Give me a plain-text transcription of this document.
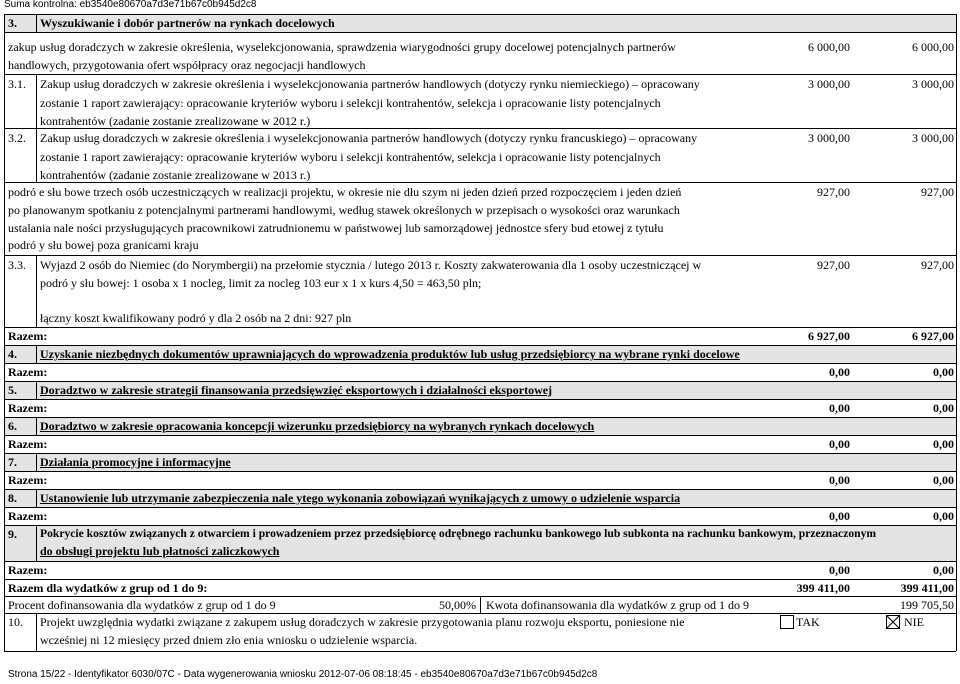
Suma kontrolna: eb3540e80670a7d3e71b67c0b945d2c8
3. Wyszukiwanie i dobór partnerów na rynkach docelowych
zakup usług doradczych w zakresie określenia, wyselekcjonowania, sprawdzenia wiarygodności grupy docelowej potencjalnych partnerów
handlowych, przygotowania ofert współpracy oraz negocjacji handlowych
6 000,00	6 000,00
3.1. Zakup usług doradczych w zakresie określenia i wyselekcjonowania partnerów handlowych (dotyczy rynku niemieckiego) – opracowany
zostanie 1 raport zawierający: opracowanie kryteriów wyboru i selekcji kontrahentów, selekcja i opracowanie listy potencjalnych
kontrahentów (zadanie zostanie zrealizowane w 2012 r.)
3 000,00	3 000,00
3.2. Zakup usług doradczych w zakresie określenia i wyselekcjonowania partnerów handlowych (dotyczy rynku francuskiego) – opracowany
zostanie 1 raport zawierający: opracowanie kryteriów wyboru i selekcji kontrahentów, selekcja i opracowanie listy potencjalnych
kontrahentów (zadanie zostanie zrealizowane w 2013 r.)
3 000,00	3 000,00
podró e słu bowe trzech osób uczestniczących w realizacji projektu, w okresie nie dłu szym ni jeden dzień przed rozpoczęciem i jeden dzień
po planowanym spotkaniu z potencjalnymi partnerami handlowymi, według stawek określonych w przepisach o wysokości oraz warunkach
ustalania nale ności przysługujących pracownikowi zatrudnionemu w państwowej lub samorządowej jednostce sfery bud etowej z tytułu
podró y słu bowej poza granicami kraju
927,00	927,00
3.3. Wyjazd 2 osób do Niemiec (do Norymbergii) na przełomie stycznia / lutego 2013 r. Koszty zakwaterowania dla 1 osoby uczestniczącej w
podró y słu bowej: 1 osoba x 1 nocleg, limit za nocleg 103 eur x 1 x kurs 4,50 = 463,50 pln;
łączny koszt kwalifikowany podró y dla 2 osób na 2 dni: 927 pln
927,00	927,00
Razem:	6 927,00	6 927,00
4. Uzyskanie niezbędnych dokumentów uprawniających do wprowadzenia produktów lub usług przedsiębiorcy na wybrane rynki docelowe
Razem:	0,00	0,00
5. Doradztwo w zakresie strategii finansowania przedsięwzięć eksportowych i działalności eksportowej
Razem:	0,00	0,00
6. Doradztwo w zakresie opracowania koncepcji wizerunku przedsiębiorcy na wybranych rynkach docelowych
Razem:	0,00	0,00
7. Działania promocyjne i informacyjne
Razem:	0,00	0,00
8. Ustanowienie lub utrzymanie zabezpieczenia nale ytego wykonania zobowiązań wynikających z umowy o udzielenie wsparcia
Razem:	0,00	0,00
9. Pokrycie kosztów związanych z otwarciem i prowadzeniem przez przedsiębiorcę odrębnego rachunku bankowego lub subkonta na rachunku bankowym, przeznaczonym
do obsługi projektu lub płatności zaliczkowych
Razem:	0,00	0,00
Razem dla wydatków z grup od 1 do 9:	399 411,00	399 411,00
Procent dofinansowania dla wydatków z grup od 1 do 9	50,00% Kwota dofinansowania dla wydatków z grup od 1 do 9	199 705,50
10. Projekt uwzględnia wydatki związane z zakupem usług doradczych w zakresie przygotowania planu rozwoju eksportu, poniesione nie
wcześniej ni 12 miesięcy przed dniem zło enia wniosku o udzielenie wsparcia.
TAK	NIE
Strona 15/22 - Identyfikator 6030/07C - Data wygenerowania wniosku 2012-07-06 08:18:45 - eb3540e80670a7d3e71b67c0b945d2c8
